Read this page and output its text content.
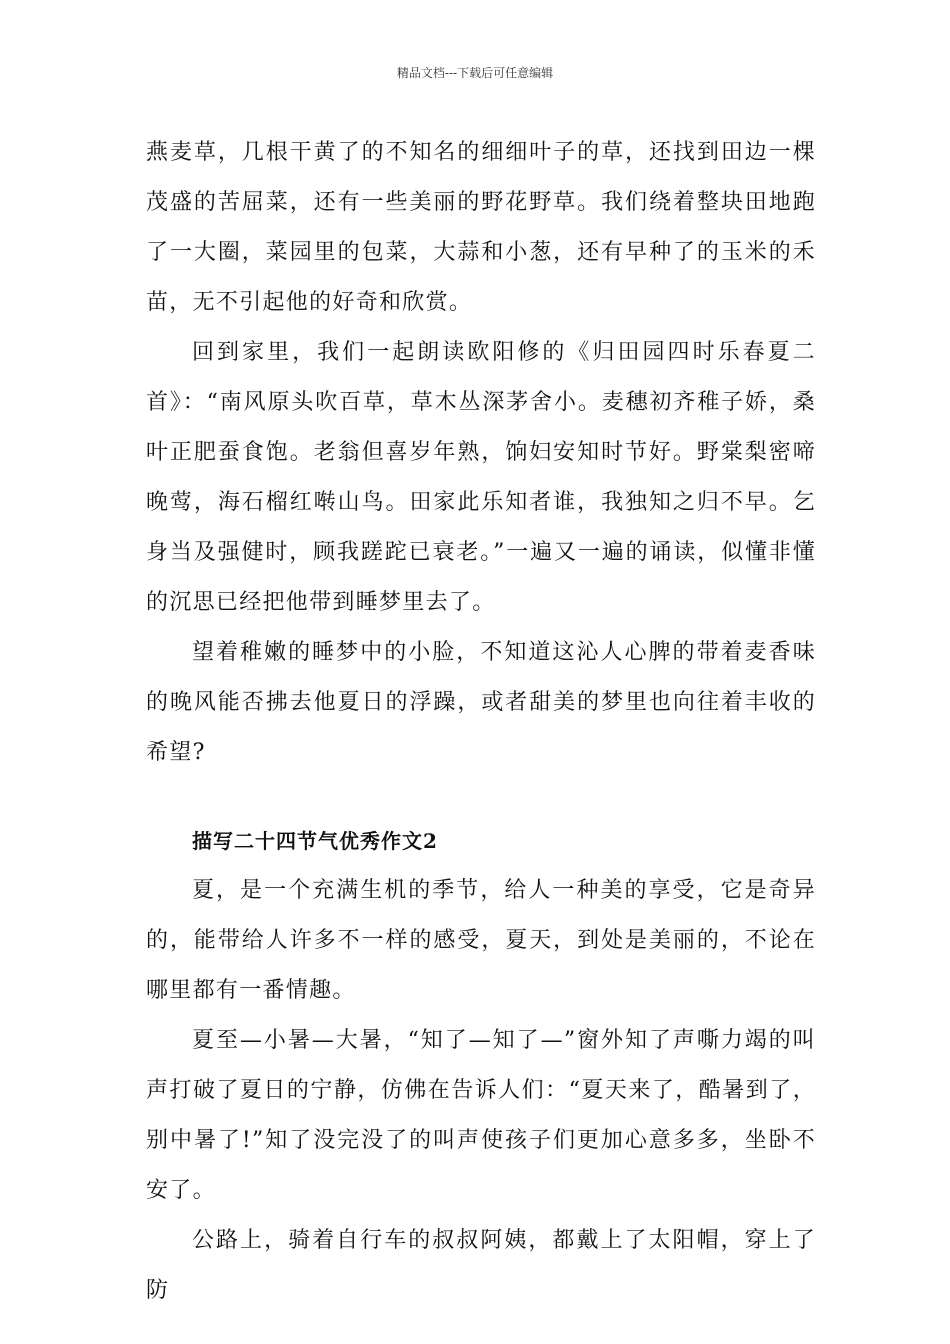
精品文档---下载后可任意编辑

燕麦草，几根干黄了的不知名的细细叶子的草，还找到田边一棵茂盛的苦屈菜，还有一些美丽的野花野草。我们绕着整块田地跑了一大圈，菜园里的包菜，大蒜和小葱，还有早种了的玉米的禾苗，无不引起他的好奇和欣赏。

回到家里，我们一起朗读欧阳修的《归田园四时乐春夏二首》：“南风原头吹百草，草木丛深茅舍小。麦穗初齐稚子娇，桑叶正肥蚕食饱。老翁但喜岁年熟，饷妇安知时节好。野棠梨密啼晚莺，海石榴红啭山鸟。田家此乐知者谁，我独知之归不早。乞身当及强健时，顾我蹉跎已衰老。”一遍又一遍的诵读，似懂非懂的沉思已经把他带到睡梦里去了。

望着稚嫩的睡梦中的小脸，不知道这沁人心脾的带着麦香味的晚风能否拂去他夏日的浮躁，或者甜美的梦里也向往着丰收的希望?

描写二十四节气优秀作文2

夏，是一个充满生机的季节，给人一种美的享受，它是奇异的，能带给人许多不一样的感受，夏天，到处是美丽的，不论在哪里都有一番情趣。

夏至—小暑—大暑，“知了—知了—”窗外知了声嘶力竭的叫声打破了夏日的宁静，仿佛在告诉人们：“夏天来了，酷暑到了，别中暑了!”知了没完没了的叫声使孩子们更加心意多多，坐卧不安了。

公路上，骑着自行车的叔叔阿姨，都戴上了太阳帽，穿上了防
